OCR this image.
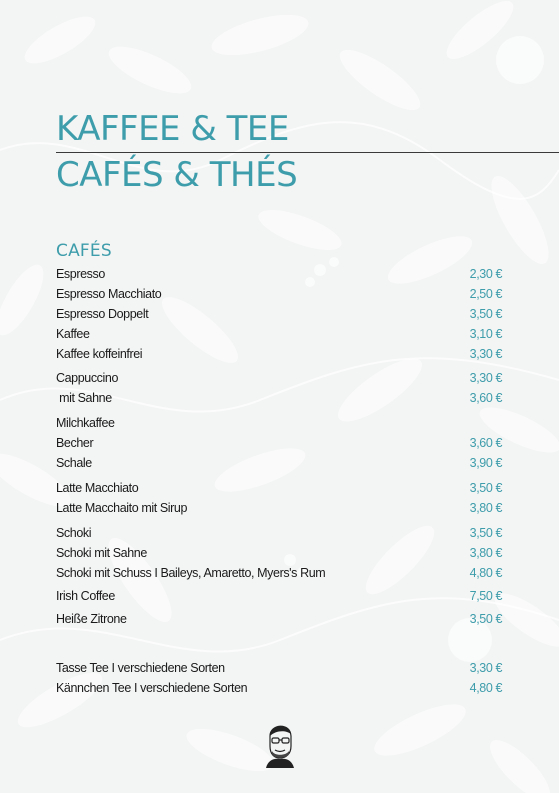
KAFFEE & TEE
CAFÉS & THÉS
CAFÉS
Espresso	2,30 €
Espresso Macchiato	2,50 €
Espresso Doppelt	3,50 €
Kaffee	3,10 €
Kaffee koffeinfrei	3,30 €
Cappuccino	3,30 €
mit Sahne	3,60 €
Milchkaffee
Becher	3,60 €
Schale	3,90 €
Latte Macchiato	3,50 €
Latte Macchaito mit Sirup	3,80 €
Schoki	3,50 €
Schoki mit Sahne	3,80 €
Schoki mit Schuss I Baileys, Amaretto, Myers's Rum	4,80 €
Irish Coffee	7,50 €
Heiße Zitrone	3,50 €
Tasse Tee I verschiedene Sorten	3,30 €
Kännchen Tee I verschiedene Sorten	4,80 €
